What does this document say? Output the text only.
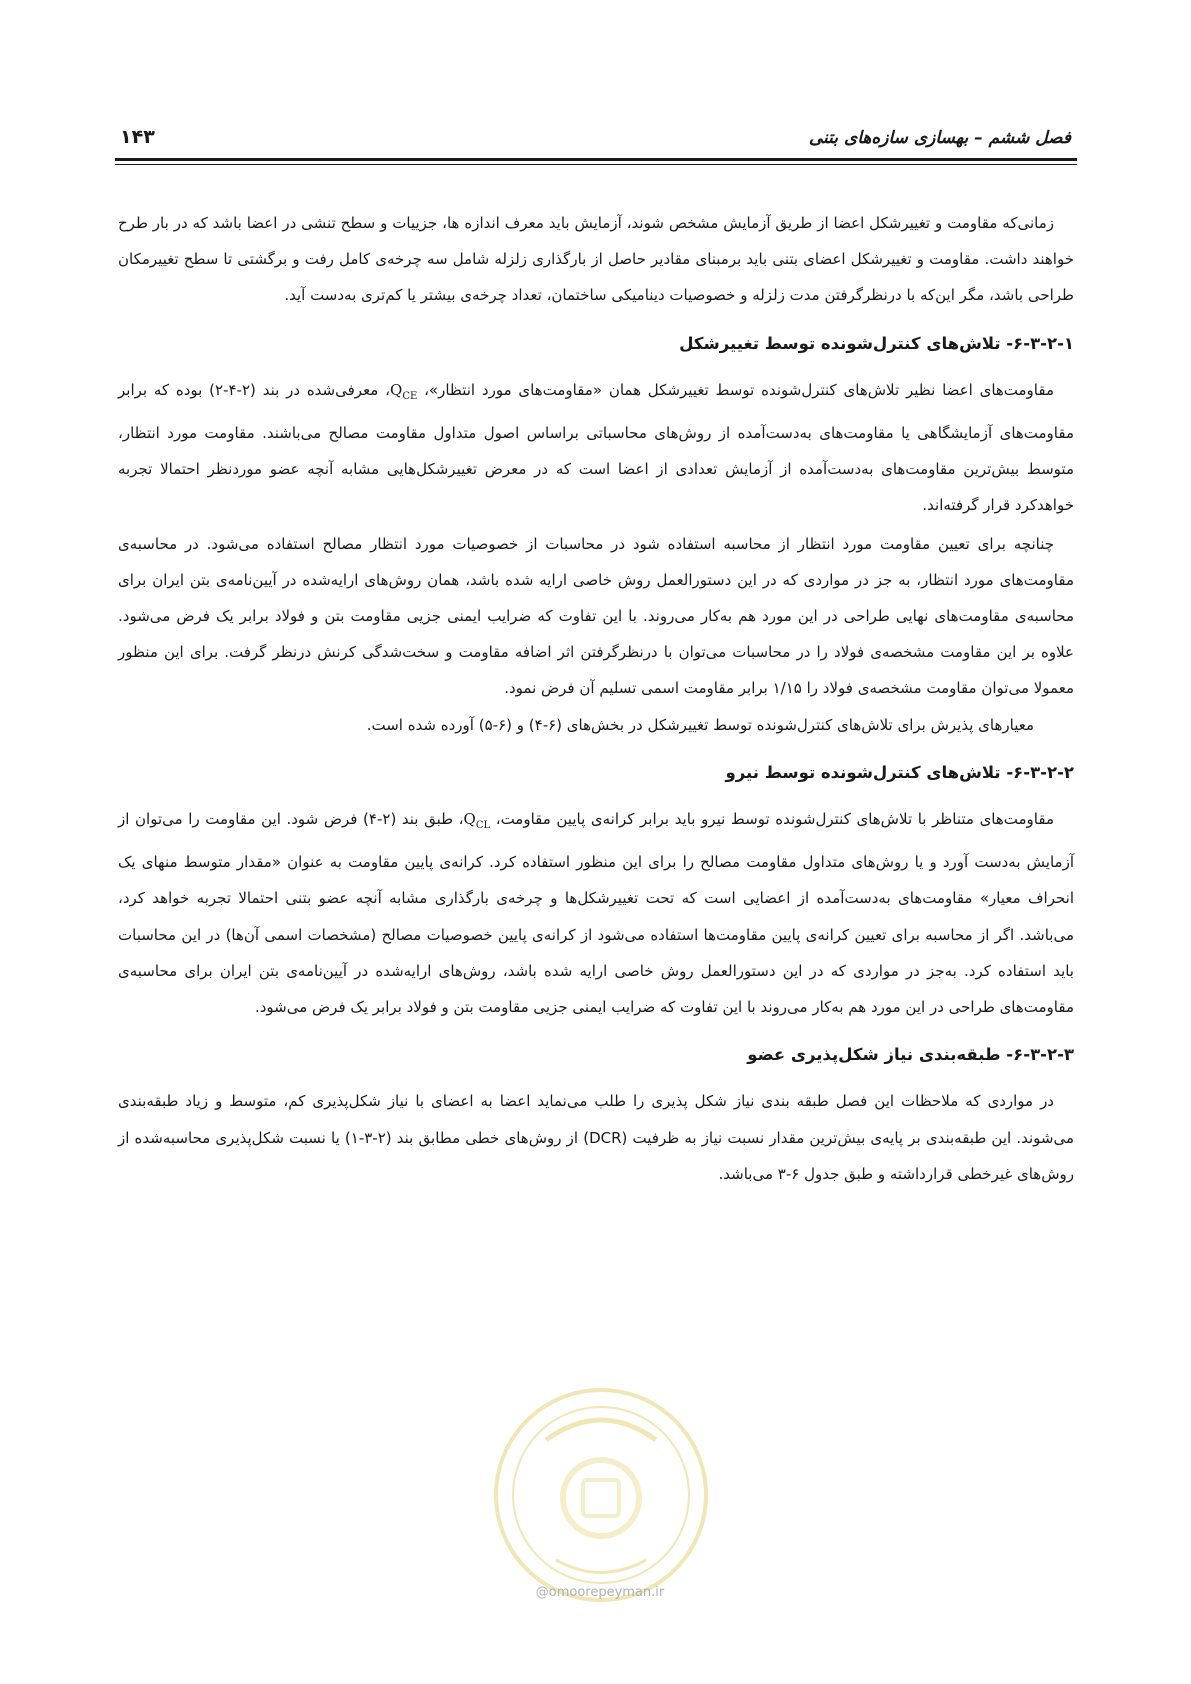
فصل ششم – بهسازی سازه‌های بتنی
۱۴۳

زمانی‌که مقاومت و تغییرشکل اعضا از طریق آزمایش مشخص شوند، آزمایش باید معرف اندازه ها، جزییات و سطح تنشی در اعضا باشد که در بار طرح خواهند داشت. مقاومت و تغییرشکل اعضای بتنی باید برمبنای مقادیر حاصل از بارگذاری زلزله شامل سه چرخه‌ی کامل رفت و برگشتی تا سطح تغییرمکان طراحی باشد، مگر این‌که با درنظرگرفتن مدت زلزله و خصوصیات دینامیکی ساختمان، تعداد چرخه‌ی بیشتر یا کم‌تری به‌دست آید.

۶-۳-۲-۱- تلاش‌های کنترل‌شونده توسط تغییرشکل

مقاومت‌های اعضا نظیر تلاش‌های کنترل‌شونده توسط تغییرشکل همان «مقاومت‌های مورد انتظار»، $Q_{CE}،$ معرفی‌شده در بند (۲-۴-۲) بوده که برابر مقاومت‌های آزمایشگاهی یا مقاومت‌های به‌دست‌آمده از روش‌های محاسباتی براساس اصول متداول مقاومت مصالح می‌باشند. مقاومت مورد انتظار، متوسط بیش‌ترین مقاومت‌های به‌دست‌آمده از آزمایش تعدادی از اعضا است که در معرض تغییرشکل‌هایی مشابه آنچه عضو موردنظر احتمالا تجربه خواهدکرد قرار گرفته‌اند.

چنانچه برای تعیین مقاومت مورد انتظار از محاسبه استفاده شود در محاسبات از خصوصیات مورد انتظار مصالح استفاده می‌شود. در محاسبه‌ی مقاومت‌های مورد انتظار، به جز در مواردی که در این دستورالعمل روش خاصی ارایه شده باشد، همان روش‌های ارایه‌شده در آیین‌نامه‌ی بتن ایران برای محاسبه‌ی مقاومت‌های نهایی طراحی در این مورد هم به‌کار می‌روند. با این تفاوت که ضرایب ایمنی جزیی مقاومت بتن و فولاد برابر یک فرض می‌شود. علاوه بر این مقاومت مشخصه‌ی فولاد را در محاسبات می‌توان با درنظرگرفتن اثر اضافه مقاومت و سخت‌شدگی کرنش درنظر گرفت. برای این منظور معمولا می‌توان مقاومت مشخصه‌ی فولاد را ۱/۱۵ برابر مقاومت اسمی تسلیم آن فرض نمود.

معیارهای پذیرش برای تلاش‌های کنترل‌شونده توسط تغییرشکل در بخش‌های (۶-۴) و (۶-۵) آورده شده است.

۶-۳-۲-۲- تلاش‌های کنترل‌شونده توسط نیرو

مقاومت‌های متناظر با تلاش‌های کنترل‌شونده توسط نیرو باید برابر کرانه‌ی پایین مقاومت، $Q_{CL}،$ طبق بند (۲-۴) فرض شود. این مقاومت را می‌توان از آزمایش به‌دست آورد و یا روش‌های متداول مقاومت مصالح را برای این منظور استفاده کرد. کرانه‌ی پایین مقاومت به عنوان «مقدار متوسط منهای یک انحراف معیار» مقاومت‌های به‌دست‌آمده از اعضایی است که تحت تغییرشکل‌ها و چرخه‌ی بارگذاری مشابه آنچه عضو بتنی احتمالا تجربه خواهد کرد، می‌باشد. اگر از محاسبه برای تعیین کرانه‌ی پایین مقاومت‌ها استفاده می‌شود از کرانه‌ی پایین خصوصیات مصالح (مشخصات اسمی آن‌ها) در این محاسبات باید استفاده کرد. به‌جز در مواردی که در این دستورالعمل روش خاصی ارایه شده باشد، روش‌های ارایه‌شده در آیین‌نامه‌ی بتن ایران برای محاسبه‌ی مقاومت‌های طراحی در این مورد هم به‌کار می‌روند با این تفاوت که ضرایب ایمنی جزیی مقاومت بتن و فولاد برابر یک فرض می‌شود.

۶-۳-۲-۳- طبقه‌بندی نیاز شکل‌پذیری عضو

در مواردی که ملاحظات این فصل طبقه بندی نیاز شکل پذیری را طلب می‌نماید اعضا به اعضای با نیاز شکل‌پذیری کم، متوسط و زیاد طبقه‌بندی می‌شوند. این طبقه‌بندی بر پایه‌ی بیش‌ترین مقدار نسبت نیاز به ظرفیت (DCR) از روش‌های خطی مطابق بند (۲-۳-۱) یا نسبت شکل‌پذیری محاسبه‌شده از روش‌های غیرخطی قرارداشته و طبق جدول ۶-۳ می‌باشد.

@omoorepeyman.ir
